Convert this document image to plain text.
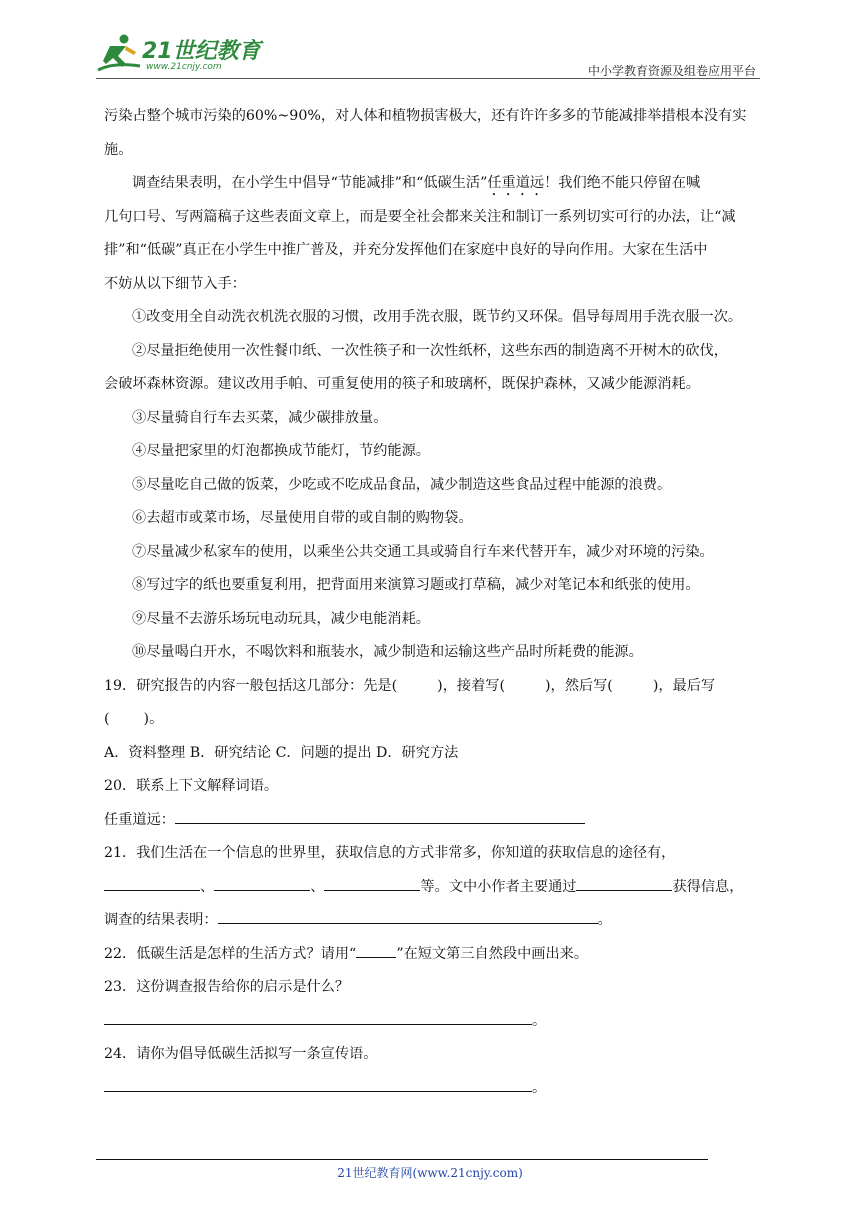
21世纪教育
www.21cnjy.com	中小学教育资源及组卷应用平台

污染占整个城市污染的60%~90%，对人体和植物损害极大，还有许许多多的节能减排举措根本没有实

施。

调查结果表明，在小学生中倡导“节能减排”和“低碳生活”任重道远！我们绝不能只停留在喊

几句口号、写两篇稿子这些表面文章上，而是要全社会都来关注和制订一系列切实可行的办法，让“减

排”和“低碳”真正在小学生中推广普及，并充分发挥他们在家庭中良好的导向作用。大家在生活中

不妨从以下细节入手：

①改变用全自动洗衣机洗衣服的习惯，改用手洗衣服，既节约又环保。倡导每周用手洗衣服一次。

②尽量拒绝使用一次性餐巾纸、一次性筷子和一次性纸杯，这些东西的制造离不开树木的砍伐，

会破坏森林资源。建议改用手帕、可重复使用的筷子和玻璃杯，既保护森林，又减少能源消耗。

③尽量骑自行车去买菜，减少碳排放量。

④尽量把家里的灯泡都换成节能灯，节约能源。

⑤尽量吃自己做的饭菜，少吃或不吃成品食品，减少制造这些食品过程中能源的浪费。

⑥去超市或菜市场，尽量使用自带的或自制的购物袋。

⑦尽量减少私家车的使用，以乘坐公共交通工具或骑自行车来代替开车，减少对环境的污染。

⑧写过字的纸也要重复利用，把背面用来演算习题或打草稿，减少对笔记本和纸张的使用。

⑨尽量不去游乐场玩电动玩具，减少电能消耗。

⑩尽量喝白开水，不喝饮料和瓶装水，减少制造和运输这些产品时所耗费的能源。

19．研究报告的内容一般包括这几部分：先是(	)，接着写(	)，然后写(	)，最后写

( )。

A．资料整理 B．研究结论 C．问题的提出 D．研究方法

20．联系上下文解释词语。

任重道远：

21．我们生活在一个信息的世界里，获取信息的方式非常多，你知道的获取信息的途径有，

、	、	等。文中小作者主要通过	获得信息，

调查的结果表明：	。

22．低碳生活是怎样的生活方式？请用“	”在短文第三自然段中画出来。

23．这份调查报告给你的启示是什么？

。

24．请你为倡导低碳生活拟写一条宣传语。

。

21世纪教育网(www.21cnjy.com)
